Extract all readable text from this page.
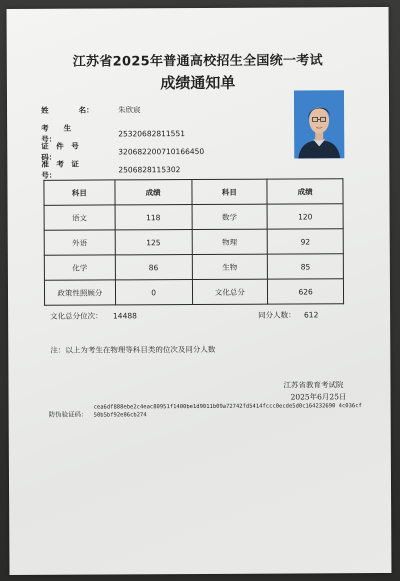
江苏省2025年普通高校招生全国统一考试
成绩通知单
姓　　　　名：	朱欣宸
考　　生　　号：
25320682811551
证　件　号　码：
320682200710166450
准　考　证　号：
2506828115302
科目	成绩	科目	成绩
语文	118	数学	120
外语	125	物理	92
化学	86	生物	85
政策性照顾分	0	文化总分	626
文化总分位次： 14488	同分人数： 612
注：以上为考生在物理等科目类的位次及同分人数
江苏省教育考试院
2025年6月25日
防伪验证码：
cea6df888ebe2c4eac80951f1400be1d9011b09a72742fd5414fccc0ecde5d0c164232690 4c036cf50b5bf92e86cb274
